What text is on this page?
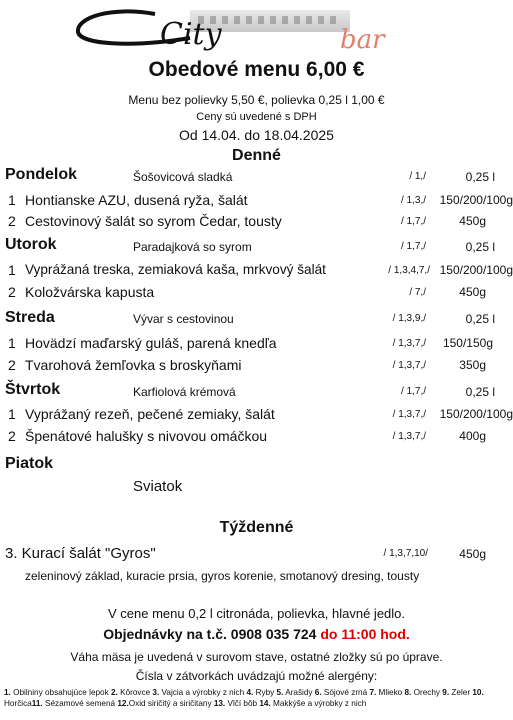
City	bar
Obedové menu 6,00 €
Menu bez polievky 5,50 €, polievka 0,25 l 1,00 €
Ceny sú uvedené s DPH
Od 14.04. do 18.04.2025
Denné
Pondelok	Šošovicová sladká	/ 1,/	0,25 l
1 Hontianske AZU, dusená ryža, šalát	/ 1,3,/	150/200/100g
2 Cestovinový šalát so syrom Čedar, tousty	/ 1,7,/	450g
Utorok	Paradajková so syrom	/ 1,7,/	0,25 l
1 Vyprážaná treska, zemiaková kaša, mrkvový šalát	/ 1,3,4,7,/ 150/200/100g
2 Koložvárska kapusta	/ 7,/	450g
Streda	Vývar s cestovinou	/ 1,3,9,/	0,25 l
1 Hovädzí maďarský guláš, parená knedľa	/ 1,3,7,/	150/150g
2 Tvarohová žemľovka s broskyňami	/ 1,3,7,/	350g
Štvrtok	Karfiolová krémová	/ 1,7,/	0,25 l
1 Vyprážaný rezeň, pečené zemiaky, šalát	/ 1,3,7,/	150/200/100g
2 Špenátové halušky s nivovou omáčkou	/ 1,3,7,/	400g
Piatok
Sviatok
Týždenné
3. Kurací šalát "Gyros"	/ 1,3,7,10/	450g
zeleninový základ, kuracie prsia, gyros korenie, smotanový dresing, tousty
V cene menu 0,2 l citronáda, polievka, hlavné jedlo.
Objednávky na t.č. 0908 035 724 do 11:00 hod.
Váha mäsa je uvedená v surovom stave, ostatné zložky sú po úprave.
Čísla v zátvorkách uvádzajú možné alergény:
1. Obilniny obsahujúce lepok 2. Kôrovce 3. Vajcia a výrobky z nich 4. Ryby 5. Arašidy 6. Sójové zrná 7. Mlieko 8. Orechy 9. Zeler 10. Horčica11. Sézamové semená 12.Oxid siričitý a siričitany 13. Vlčí bôb 14. Makkýše a výrobky z nich
